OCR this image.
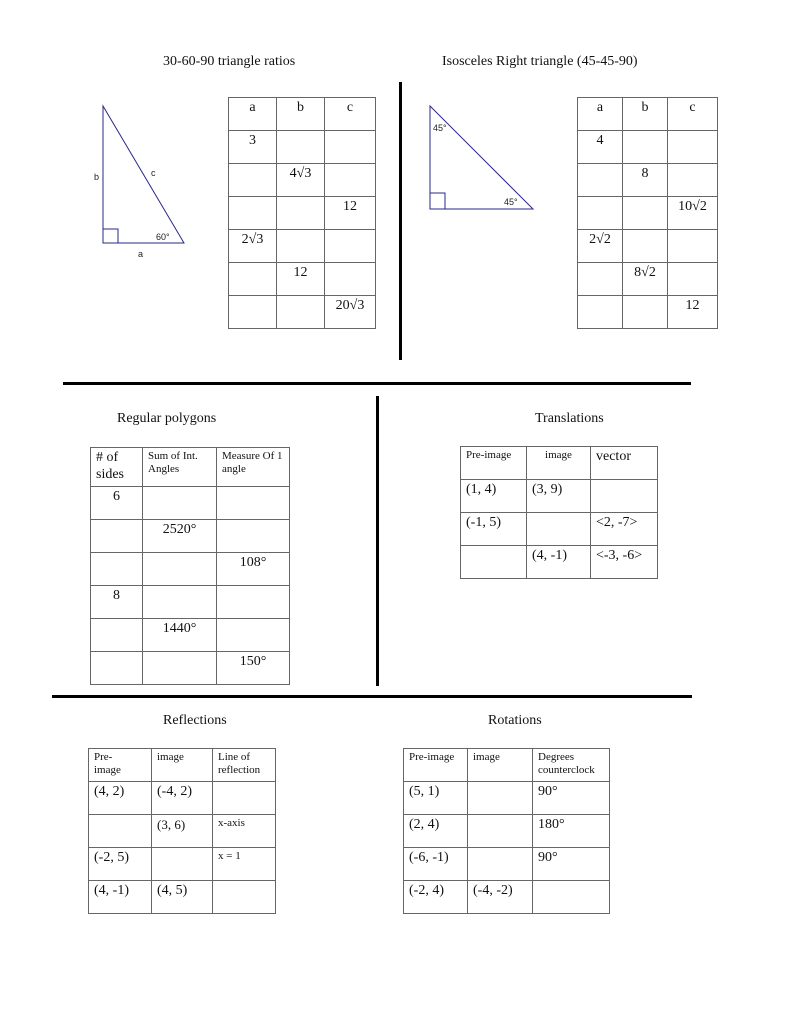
30-60-90 triangle ratios
b	c
a
60°
a	b	c

3		

	4√3	

		12

2√3		

	12	

		20√3
Isosceles Right triangle (45-45-90)
45°
45°
a	b	c

4		

	8	

		10√2

2√2		

	8√2	

		12
Regular polygons
# of sides	Sum of Int. Angles	Measure Of 1 angle

6		

	2520°	

		108°

8		

	1440°	

		150°
Translations
Pre-image	image	vector

(1, 4)	(3, 9)	

(-1, 5)		<2, -7>

	(4, -1)	<-3, -6>
Reflections
Pre-image	image	Line of reflection

(4, 2)	(-4, 2)	

	(3, 6)	x-axis

(-2, 5)		x = 1

(4, -1)	(4, 5)	

Rotations
Pre-image	image	Degrees counterclock

(5, 1)		90°

(2, 4)		180°

(-6, -1)		90°

(-2, 4)	(-4, -2)	
